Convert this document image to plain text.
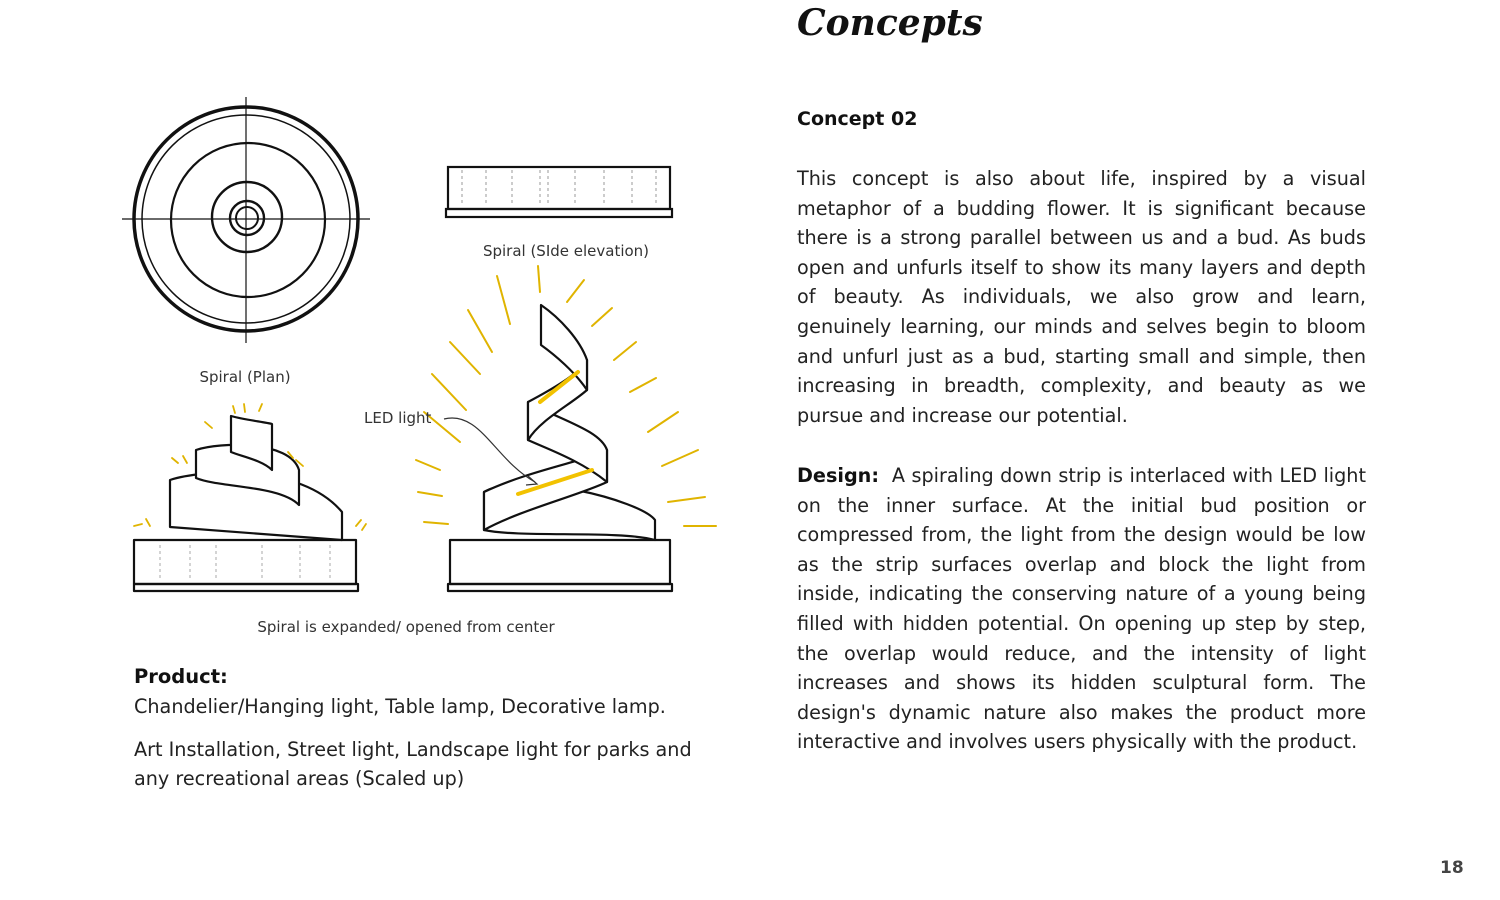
Spiral (Plan)
Spiral (SIde elevation)
LED light
Spiral is expanded/ opened from center
Concepts
Concept 02

This concept is also about life, inspired by a visual metaphor of a budding flower. It is significant because there is a strong parallel between us and a bud. As buds open and unfurls itself to show its many layers and depth of beauty. As individuals, we also grow and learn, genuinely learning, our minds and selves begin to bloom and unfurl just as a bud, starting small and simple, then increasing in breadth, complexity, and beauty as we pursue and increase our potential.

Design: A spiraling down strip is interlaced with LED light on the inner surface. At the initial bud position or compressed from, the light from the design would be low as the strip surfaces overlap and block the light from inside, indicating the conserving nature of a young being filled with hidden potential. On opening up step by step, the overlap would reduce, and the intensity of light increases and shows its hidden sculptural form. The design's dynamic nature also makes the product more interactive and involves users physically with the product.

Product:

Chandelier/Hanging light, Table lamp, Decorative lamp.

Art Installation, Street light, Landscape light for parks and any recreational areas (Scaled up)

18
